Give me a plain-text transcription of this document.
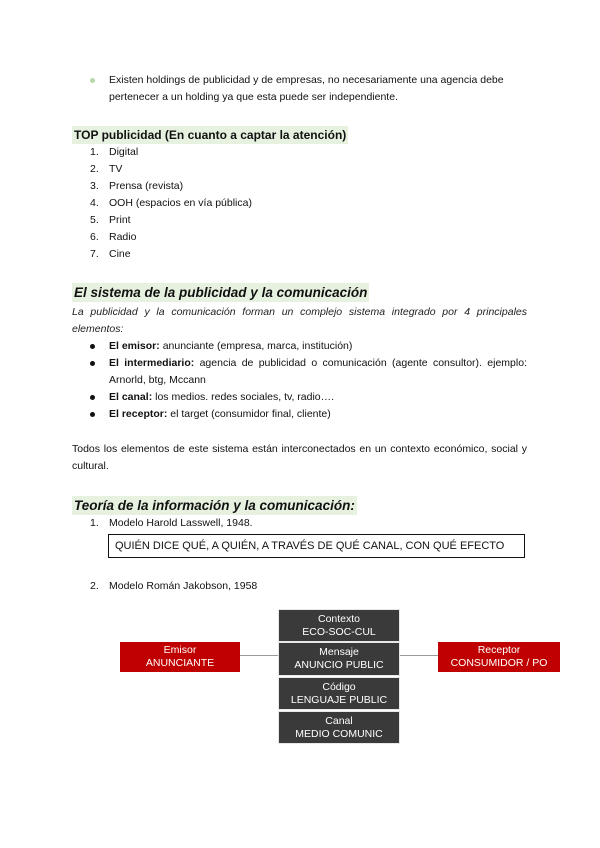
Existen holdings de publicidad y de empresas, no necesariamente una agencia debe pertenecer a un holding ya que esta puede ser independiente.

TOP publicidad (En cuanto a captar la atención)
1. Digital
2. TV
3. Prensa (revista)
4. OOH (espacios en vía pública)
5. Print
6. Radio
7. Cine
El sistema de la publicidad y la comunicación

La publicidad y la comunicación forman un complejo sistema integrado por 4 principales elementos:

El emisor: anunciante (empresa, marca, institución)
El intermediario: agencia de publicidad o comunicación (agente consultor). ejemplo: Arnorld, btg, Mccann
El canal: los medios. redes sociales, tv, radio….
El receptor: el target (consumidor final, cliente)

Todos los elementos de este sistema están interconectados en un contexto económico, social y cultural.

Teoría de la información y la comunicación:
1. Modelo Harold Lasswell, 1948.
QUIÉN DICE QUÉ, A QUIÉN, A TRAVÉS DE QUÉ CANAL, CON QUÉ EFECTO
2. Modelo Román Jakobson, 1958
Contexto
ECO-SOC-CUL
Mensaje
ANUNCIO PUBLIC
Código
LENGUAJE PUBLIC
Canal
MEDIO COMUNIC
Emisor
ANUNCIANTE
Receptor
CONSUMIDOR / PO
